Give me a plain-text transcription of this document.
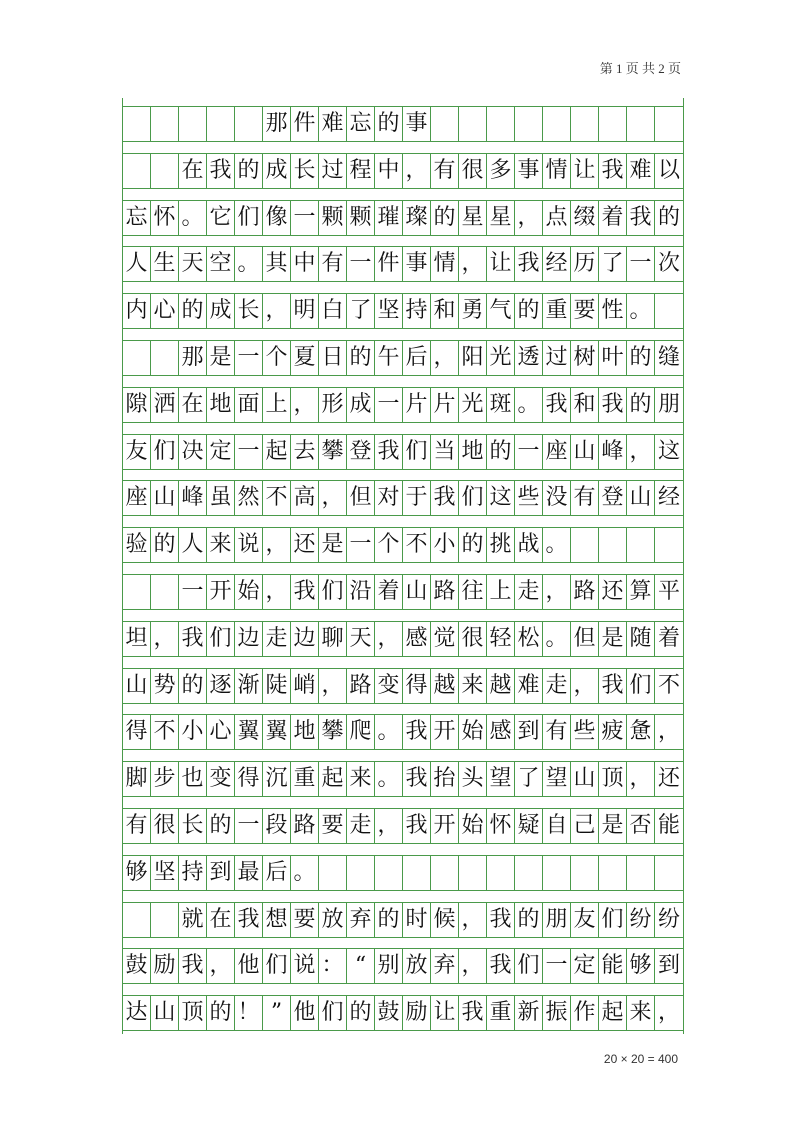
第 1 页 共 2 页
那 件 难 忘 的 事
在 我 的 成 长 过 程 中 ， 有 很 多 事 情 让 我 难 以
忘 怀 。 它 们 像 一 颗 颗 璀 璨 的 星 星 ， 点 缀 着 我 的
人 生 天 空 。 其 中 有 一 件 事 情 ， 让 我 经 历 了 一 次
内 心 的 成 长 ， 明 白 了 坚 持 和 勇 气 的 重 要 性 。
那 是 一 个 夏 日 的 午 后 ， 阳 光 透 过 树 叶 的 缝
隙 洒 在 地 面 上 ， 形 成 一 片 片 光 斑 。 我 和 我 的 朋
友 们 决 定 一 起 去 攀 登 我 们 当 地 的 一 座 山 峰 ， 这
座 山 峰 虽 然 不 高 ， 但 对 于 我 们 这 些 没 有 登 山 经
验 的 人 来 说 ， 还 是 一 个 不 小 的 挑 战 。
一 开 始 ， 我 们 沿 着 山 路 往 上 走 ， 路 还 算 平
坦 ， 我 们 边 走 边 聊 天 ， 感 觉 很 轻 松 。 但 是 随 着
山 势 的 逐 渐 陡 峭 ， 路 变 得 越 来 越 难 走 ， 我 们 不
得 不 小 心 翼 翼 地 攀 爬 。 我 开 始 感 到 有 些 疲 惫 ，
脚 步 也 变 得 沉 重 起 来 。 我 抬 头 望 了 望 山 顶 ， 还
有 很 长 的 一 段 路 要 走 ， 我 开 始 怀 疑 自 己 是 否 能
够 坚 持 到 最 后 。
就 在 我 想 要 放 弃 的 时 候 ， 我 的 朋 友 们 纷 纷
鼓 励 我 ， 他 们 说 ： “ 别 放 弃 ， 我 们 一 定 能 够 到
达 山 顶 的 ！ ” 他 们 的 鼓 励 让 我 重 新 振 作 起 来 ，
20 × 20 = 400
